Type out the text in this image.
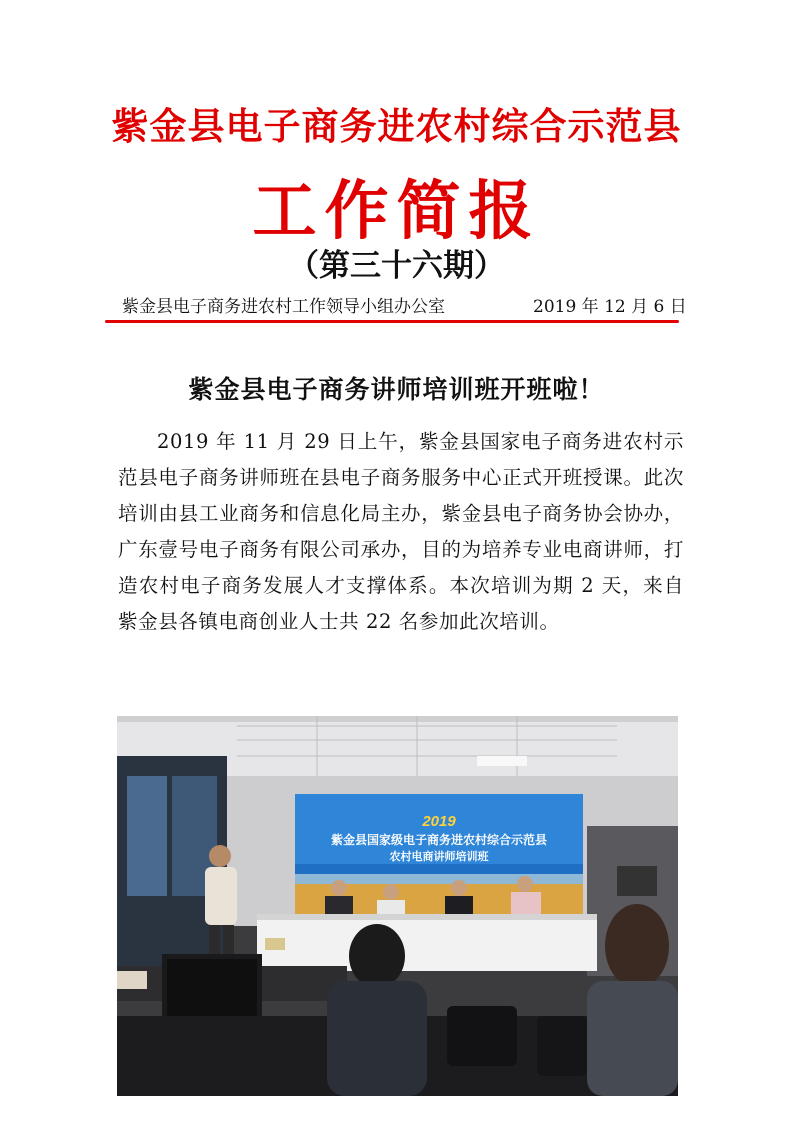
紫金县电子商务进农村综合示范县
工作简报
（第三十六期）
紫金县电子商务进农村工作领导小组办公室	2019 年 12 月 6 日
紫金县电子商务讲师培训班开班啦！
2019 年 11 月 29 日上午，紫金县国家电子商务进农村示范县电子商务讲师班在县电子商务服务中心正式开班授课。此次培训由县工业商务和信息化局主办，紫金县电子商务协会协办，广东壹号电子商务有限公司承办，目的为培养专业电商讲师，打造农村电子商务发展人才支撑体系。本次培训为期 2 天，来自紫金县各镇电商创业人士共 22 名参加此次培训。
2019
紫金县国家级电子商务进农村综合示范县
农村电商讲师培训班
